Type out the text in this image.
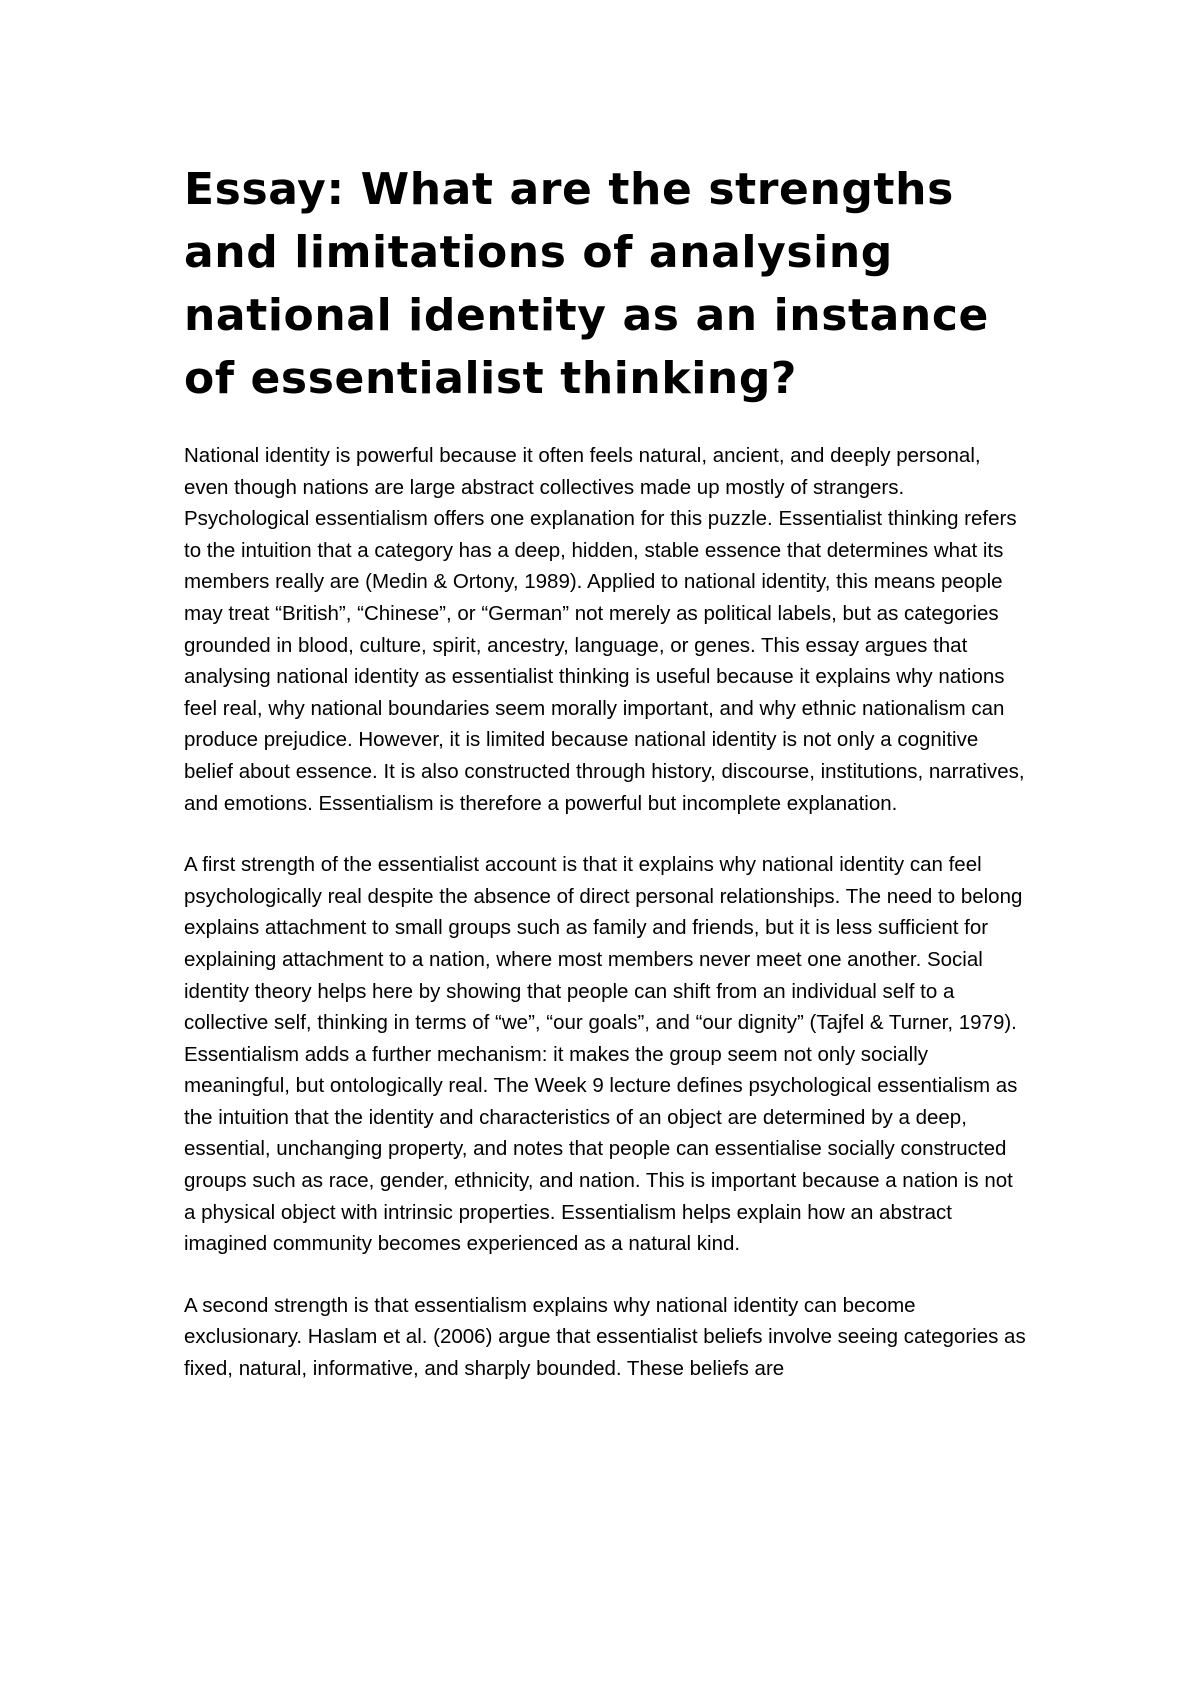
Essay: What are the strengths and limitations of analysing national identity as an instance of essentialist thinking?

National identity is powerful because it often feels natural, ancient, and deeply personal, even though nations are large abstract collectives made up mostly of strangers. Psychological essentialism offers one explanation for this puzzle. Essentialist thinking refers to the intuition that a category has a deep, hidden, stable essence that determines what its members really are (Medin & Ortony, 1989). Applied to national identity, this means people may treat “British”, “Chinese”, or “German” not merely as political labels, but as categories grounded in blood, culture, spirit, ancestry, language, or genes. This essay argues that analysing national identity as essentialist thinking is useful because it explains why nations feel real, why national boundaries seem morally important, and why ethnic nationalism can produce prejudice. However, it is limited because national identity is not only a cognitive belief about essence. It is also constructed through history, discourse, institutions, narratives, and emotions. Essentialism is therefore a powerful but incomplete explanation.

A first strength of the essentialist account is that it explains why national identity can feel psychologically real despite the absence of direct personal relationships. The need to belong explains attachment to small groups such as family and friends, but it is less sufficient for explaining attachment to a nation, where most members never meet one another. Social identity theory helps here by showing that people can shift from an individual self to a collective self, thinking in terms of “we”, “our goals”, and “our dignity” (Tajfel & Turner, 1979). Essentialism adds a further mechanism: it makes the group seem not only socially meaningful, but ontologically real. The Week 9 lecture defines psychological essentialism as the intuition that the identity and characteristics of an object are determined by a deep, essential, unchanging property, and notes that people can essentialise socially constructed groups such as race, gender, ethnicity, and nation. This is important because a nation is not a physical object with intrinsic properties. Essentialism helps explain how an abstract imagined community becomes experienced as a natural kind.

A second strength is that essentialism explains why national identity can become exclusionary. Haslam et al. (2006) argue that essentialist beliefs involve seeing categories as fixed, natural, informative, and sharply bounded. These beliefs are
